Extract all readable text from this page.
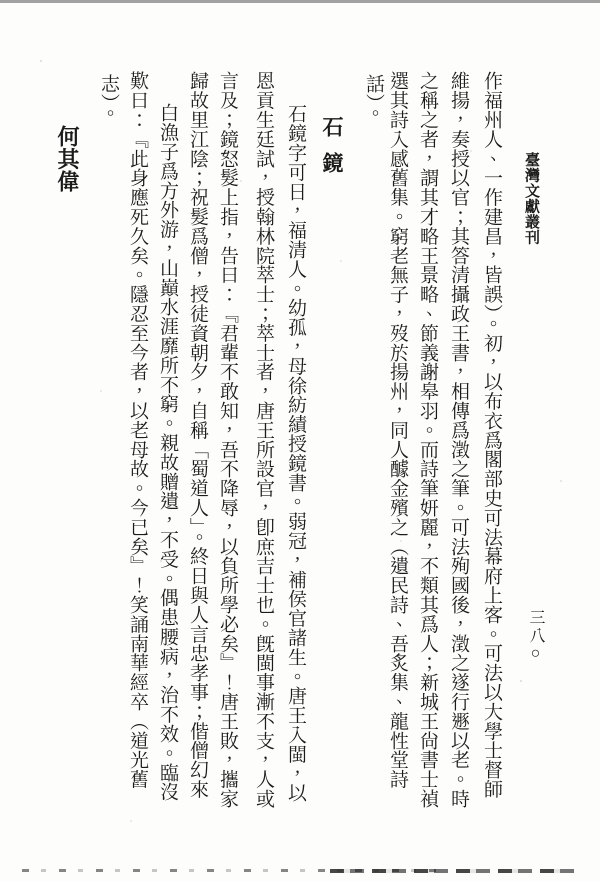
臺灣文獻叢刊
三八○
作福州人、一作建昌，皆誤）。初，以布衣爲閣部史可法幕府上客。可法以大學士督師
維揚，奏授以官；其答清攝政王書，相傳爲澂之筆。可法殉國後，澂之遂行遯以老。時
之稱之者，謂其才略王景略、節義謝皋羽。而詩筆妍麗，不類其爲人；新城王尙書士禎
選其詩入感舊集。窮老無子，歿於揚州，同人醵金殯之（遺民詩、吾炙集、龍性堂詩
話）。
石　鏡
石鏡字可日，福清人。幼孤，母徐紡績授鏡書。弱冠，補侯官諸生。唐王入閩，以
恩貢生廷試，授翰林院萃士；萃士者，唐王所設官，卽庶吉士也。旣閩事漸不支，人或
言及；鏡怒髮上指，告曰：『君輩不敢知，吾不降辱，以負所學必矣』！唐王敗，攜家
歸故里江陰；祝髮爲僧，授徒資朝夕，自稱「蜀道人」。終日與人言忠孝事；偕僧幻來
白漁子爲方外游，山巔水涯靡所不窮。親故贈遺，不受。偶患腰病，治不效。臨沒
歎曰：『此身應死久矣。隱忍至今者，以老母故。今已矣』！笑誦南華經卒（道光舊
志）。
何其偉
